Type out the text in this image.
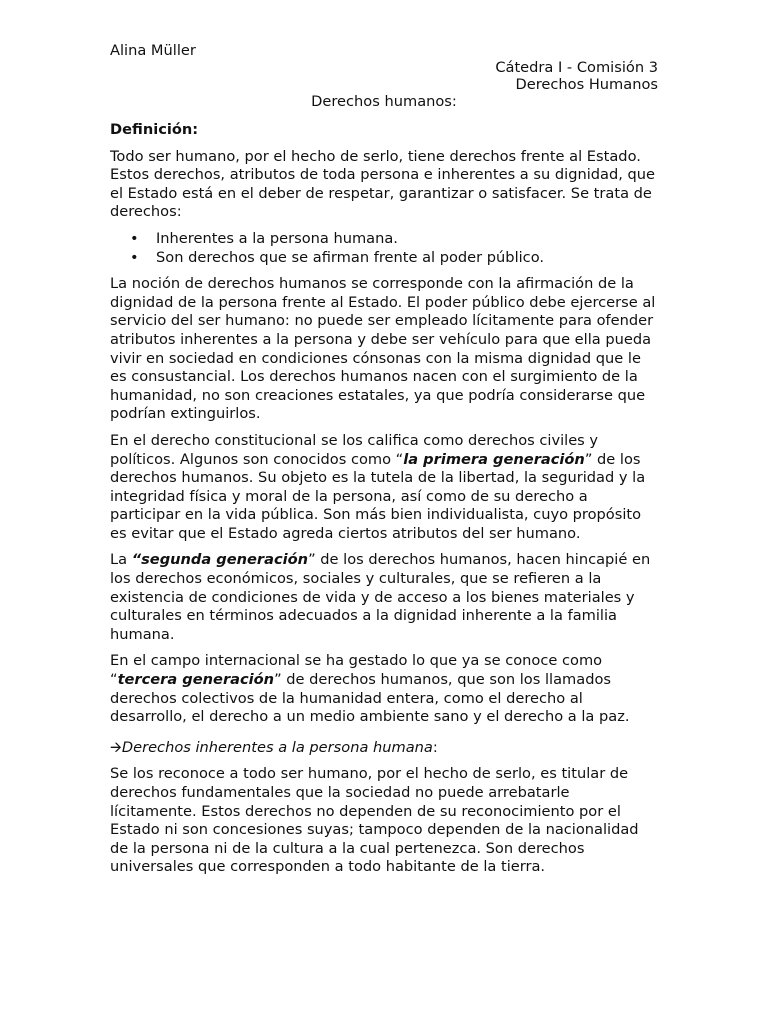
Alina Müller
Cátedra I - Comisión 3
Derechos Humanos
Derechos humanos:
Definición:

Todo ser humano, por el hecho de serlo, tiene derechos frente al Estado. Estos derechos, atributos de toda persona e inherentes a su dignidad, que el Estado está en el deber de respetar, garantizar o satisfacer. Se trata de derechos:

• Inherentes a la persona humana.
• Son derechos que se afirman frente al poder público.

La noción de derechos humanos se corresponde con la afirmación de la dignidad de la persona frente al Estado. El poder público debe ejercerse al servicio del ser humano: no puede ser empleado lícitamente para ofender atributos inherentes a la persona y debe ser vehículo para que ella pueda vivir en sociedad en condiciones cónsonas con la misma dignidad que le es consustancial. Los derechos humanos nacen con el surgimiento de la humanidad, no son creaciones estatales, ya que podría considerarse que podrían extinguirlos.

En el derecho constitucional se los califica como derechos civiles y políticos. Algunos son conocidos como “la primera generación” de los derechos humanos. Su objeto es la tutela de la libertad, la seguridad y la integridad física y moral de la persona, así como de su derecho a participar en la vida pública. Son más bien individualista, cuyo propósito es evitar que el Estado agreda ciertos atributos del ser humano.

La “segunda generación” de los derechos humanos, hacen hincapié en los derechos económicos, sociales y culturales, que se refieren a la existencia de condiciones de vida y de acceso a los bienes materiales y culturales en términos adecuados a la dignidad inherente a la familia humana.

En el campo internacional se ha gestado lo que ya se conoce como “tercera generación” de derechos humanos, que son los llamados derechos colectivos de la humanidad entera, como el derecho al desarrollo, el derecho a un medio ambiente sano y el derecho a la paz.

🡪Derechos inherentes a la persona humana:

Se los reconoce a todo ser humano, por el hecho de serlo, es titular de derechos fundamentales que la sociedad no puede arrebatarle lícitamente. Estos derechos no dependen de su reconocimiento por el Estado ni son concesiones suyas; tampoco dependen de la nacionalidad de la persona ni de la cultura a la cual pertenezca. Son derechos universales que corresponden a todo habitante de la tierra.
